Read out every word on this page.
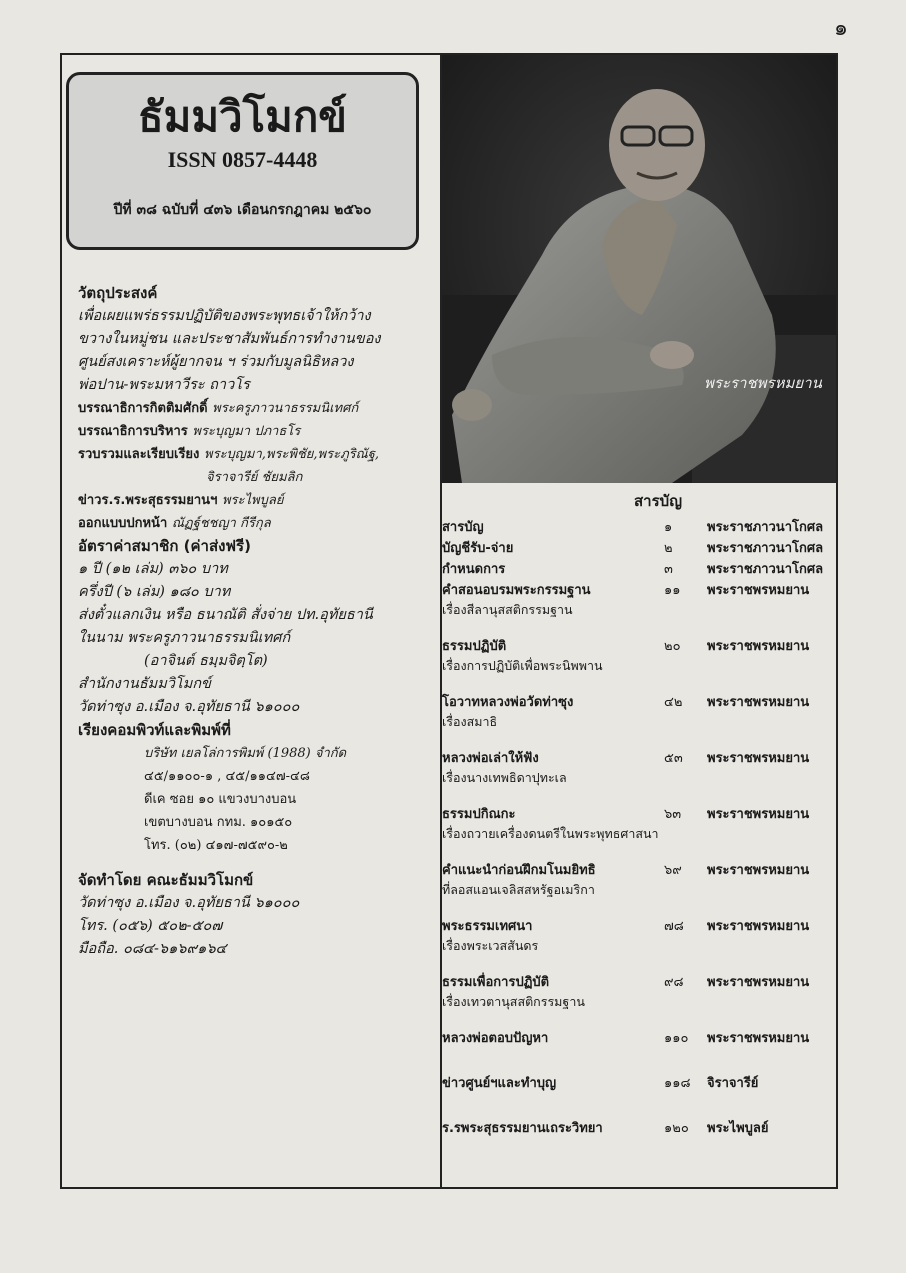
๑
ธัมมวิโมกข์
ISSN 0857-4448
ปีที่ ๓๘ ฉบับที่ ๔๓๖ เดือนกรกฎาคม ๒๕๖๐
วัตถุประสงค์
เพื่อเผยแพร่ธรรมปฏิบัติของพระพุทธเจ้าให้กว้าง
ขวางในหมู่ชน และประชาสัมพันธ์การทำงานของ
ศูนย์สงเคราะห์ผู้ยากจน ฯ ร่วมกับมูลนิธิหลวง
พ่อปาน-พระมหาวีระ ถาวโร
บรรณาธิการกิตติมศักดิ์ พระครูภาวนาธรรมนิเทศก์
บรรณาธิการบริหาร พระบุญมา ปภาธโร
รวบรวมและเรียบเรียง พระบุญมา,พระพิชัย,พระภูริณัฐ,
จิราจารีย์ ชัยมลิก
ข่าวร.ร.พระสุธรรมยานฯ พระไพบูลย์
ออกแบบปกหน้า ณัฏฐ์ชชญา กีรีกุล
อัตราค่าสมาชิก (ค่าส่งฟรี)
๑ ปี (๑๒ เล่ม) ๓๖๐ บาท
ครึ่งปี (๖ เล่ม) ๑๘๐ บาท
ส่งตั๋วแลกเงิน หรือ ธนาณัติ สั่งจ่าย ปท.อุทัยธานี
ในนาม พระครูภาวนาธรรมนิเทศก์
(อาจินต์ ธมฺมจิตฺโต)
สำนักงานธัมมวิโมกข์
วัดท่าซุง อ.เมือง จ.อุทัยธานี ๖๑๐๐๐
เรียงคอมพิวท์และพิมพ์ที่
บริษัท เยลโล่การพิมพ์ (1988) จำกัด
๔๕/๑๑๐๐-๑ , ๔๕/๑๑๔๗-๔๘
ดีเค ซอย ๑๐ แขวงบางบอน
เขตบางบอน กทม. ๑๐๑๕๐
โทร. (๐๒) ๔๑๗-๗๕๙๐-๒
จัดทำโดย คณะธัมมวิโมกข์
วัดท่าซุง อ.เมือง จ.อุทัยธานี ๖๑๐๐๐
โทร. (๐๕๖) ๕๐๒-๕๐๗
มือถือ. ๐๘๔-๖๑๖๙๑๖๔
พระราชพรหมยาน
สารบัญ
สารบัญ	๑	พระราชภาวนาโกศล
บัญชีรับ-จ่าย	๒	พระราชภาวนาโกศล
กำหนดการ	๓	พระราชภาวนาโกศล
คำสอนอบรมพระกรรมฐาน	๑๑ พระราชพรหมยาน
เรื่องสีลานุสสติกรรมฐาน
ธรรมปฏิบัติ	๒๐ พระราชพรหมยาน
เรื่องการปฏิบัติเพื่อพระนิพพาน
โอวาทหลวงพ่อวัดท่าซุง	๔๒ พระราชพรหมยาน
เรื่องสมาธิ
หลวงพ่อเล่าให้ฟัง	๕๓ พระราชพรหมยาน
เรื่องนางเทพธิดาปุทะเล
ธรรมปกิณกะ	๖๓ พระราชพรหมยาน
เรื่องถวายเครื่องดนตรีในพระพุทธศาสนา
คำแนะนำก่อนฝึกมโนมยิทธิ	๖๙ พระราชพรหมยาน
ที่ลอสแอนเจลิสสหรัฐอเมริกา
พระธรรมเทศนา	๗๘ พระราชพรหมยาน
เรื่องพระเวสสันดร
ธรรมเพื่อการปฏิบัติ	๙๘ พระราชพรหมยาน
เรื่องเทวตานุสสติกรรมฐาน
หลวงพ่อตอบปัญหา	๑๑๐ พระราชพรหมยาน
ข่าวศูนย์ฯและทำบุญ	๑๑๘ จิราจารีย์
ร.รพระสุธรรมยานเถระวิทยา	๑๒๐ พระไพบูลย์
